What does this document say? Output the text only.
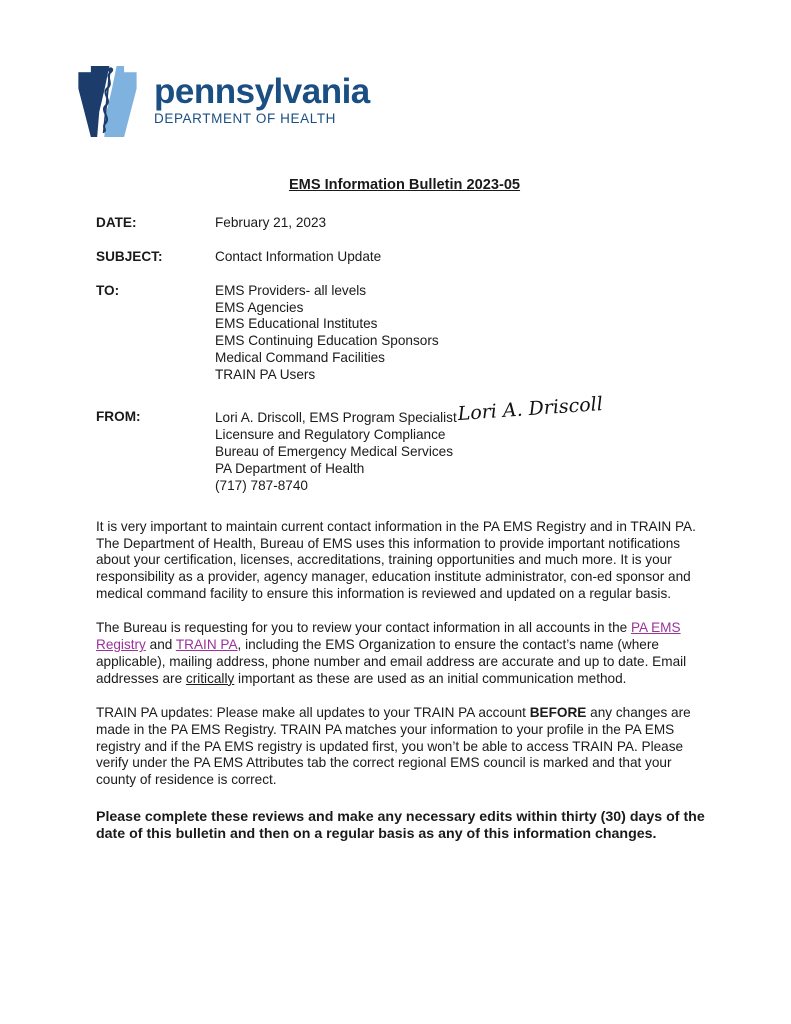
pennsylvania
DEPARTMENT OF HEALTH
EMS Information Bulletin 2023-05
DATE:	February 21, 2023
SUBJECT:	Contact Information Update
TO:	EMS Providers- all levels
EMS Agencies
EMS Educational Institutes
EMS Continuing Education Sponsors
Medical Command Facilities
TRAIN PA Users
FROM:	Lori A. Driscoll, EMS Program Specialist Lori A. Driscoll
Licensure and Regulatory Compliance
Bureau of Emergency Medical Services
PA Department of Health
(717) 787-8740

It is very important to maintain current contact information in the PA EMS Registry and in TRAIN PA. The Department of Health, Bureau of EMS uses this information to provide important notifications about your certification, licenses, accreditations, training opportunities and much more. It is your responsibility as a provider, agency manager, education institute administrator, con-ed sponsor and medical command facility to ensure this information is reviewed and updated on a regular basis.

The Bureau is requesting for you to review your contact information in all accounts in the PA EMS Registry and TRAIN PA, including the EMS Organization to ensure the contact’s name (where applicable), mailing address, phone number and email address are accurate and up to date. Email addresses are critically important as these are used as an initial communication method.

TRAIN PA updates: Please make all updates to your TRAIN PA account BEFORE any changes are made in the PA EMS Registry. TRAIN PA matches your information to your profile in the PA EMS registry and if the PA EMS registry is updated first, you won’t be able to access TRAIN PA. Please verify under the PA EMS Attributes tab the correct regional EMS council is marked and that your county of residence is correct.

Please complete these reviews and make any necessary edits within thirty (30) days of the date of this bulletin and then on a regular basis as any of this information changes.
